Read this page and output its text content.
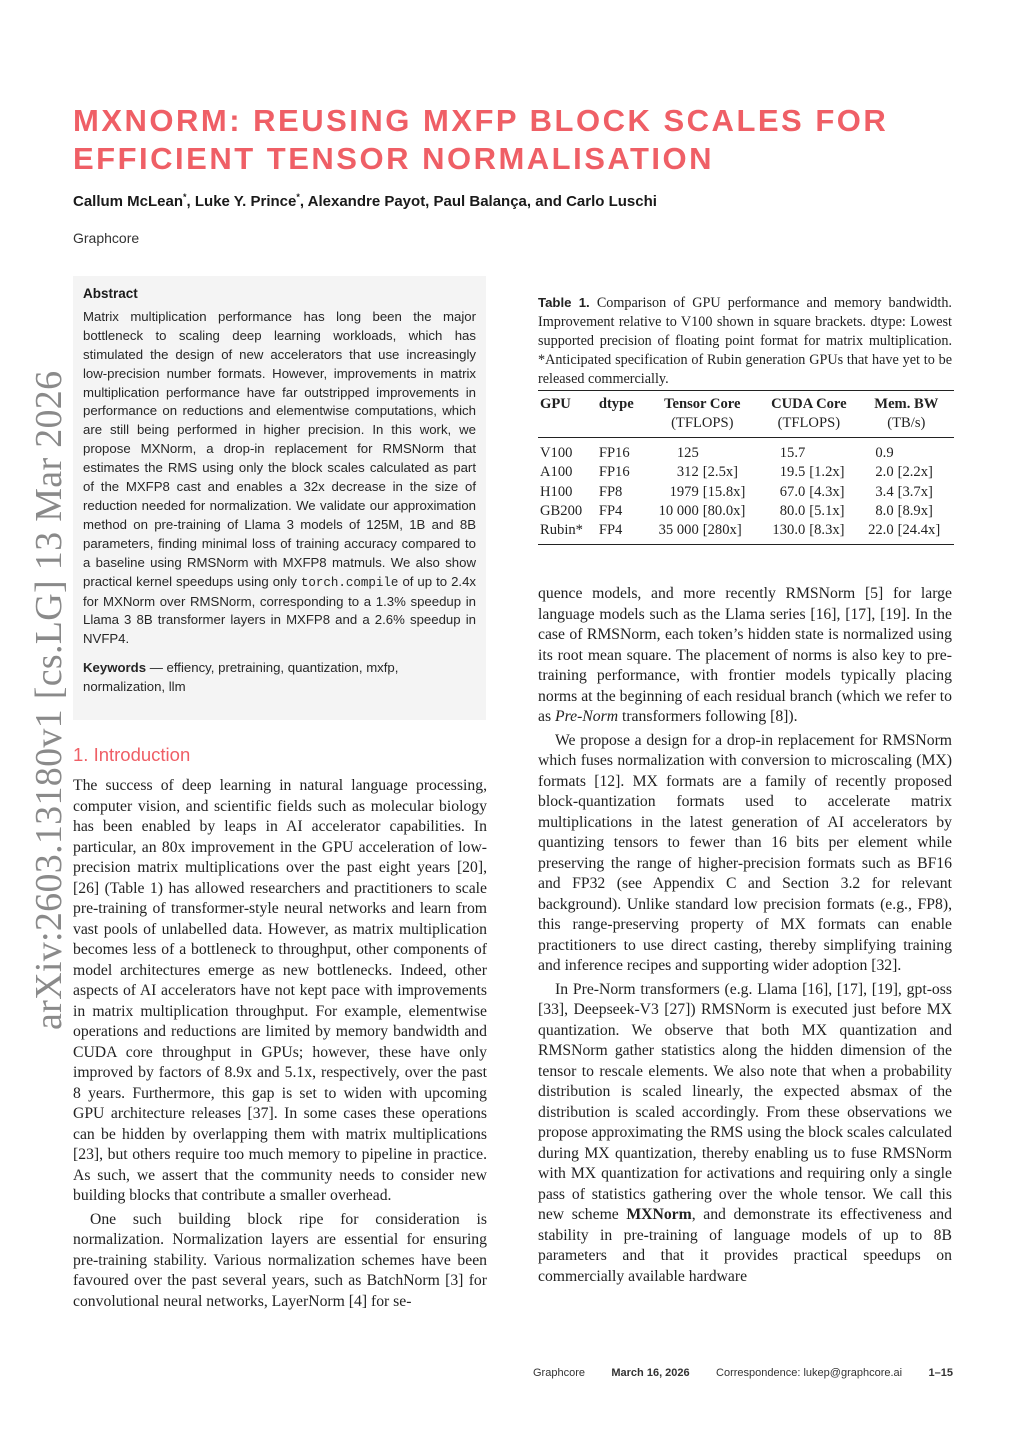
arXiv:2603.13180v1 [cs.LG] 13 Mar 2026
MXNORM: REUSING MXFP BLOCK SCALES FOR
EFFICIENT TENSOR NORMALISATION
Callum McLean*, Luke Y. Prince*, Alexandre Payot, Paul Balança, and Carlo Luschi
Graphcore
Abstract

Matrix multiplication performance has long been the major bottleneck to scaling deep learning workloads, which has stimulated the design of new accelerators that use increasingly low-precision number formats. However, improvements in matrix multiplication performance have far outstripped improvements in performance on reductions and elementwise computations, which are still being performed in higher precision. In this work, we propose MXNorm, a drop-in replacement for RMSNorm that estimates the RMS using only the block scales calculated as part of the MXFP8 cast and enables a 32x decrease in the size of reduction needed for normalization. We validate our approximation method on pre-training of Llama 3 models of 125M, 1B and 8B parameters, finding minimal loss of training accuracy compared to a baseline using RMSNorm with MXFP8 matmuls. We also show practical kernel speedups using only torch.compile of up to 2.4x for MXNorm over RMSNorm, corresponding to a 1.3% speedup in Llama 3 8B transformer layers in MXFP8 and a 2.6% speedup in NVFP4.

Keywords — effiency, pretraining, quantization, mxfp, normalization, llm
1. Introduction

The success of deep learning in natural language processing, computer vision, and scientific fields such as molecular biology has been enabled by leaps in AI accelerator capabilities. In particular, an 80x improvement in the GPU acceleration of low-precision matrix multiplications over the past eight years [20], [26] (Table 1) has allowed researchers and practitioners to scale pre-training of transformer-style neural networks and learn from vast pools of unlabelled data. However, as matrix multiplication becomes less of a bottleneck to throughput, other components of model architectures emerge as new bottlenecks. Indeed, other aspects of AI accelerators have not kept pace with improvements in matrix multiplication throughput. For example, elementwise operations and reductions are limited by memory bandwidth and CUDA core throughput in GPUs; however, these have only improved by factors of 8.9x and 5.1x, respectively, over the past 8 years. Furthermore, this gap is set to widen with upcoming GPU architecture releases [37]. In some cases these operations can be hidden by overlapping them with matrix multiplications [23], but others require too much memory to pipeline in practice. As such, we assert that the community needs to consider new building blocks that contribute a smaller overhead.

One such building block ripe for consideration is normalization. Normalization layers are essential for ensuring pre-training stability. Various normalization schemes have been favoured over the past several years, such as BatchNorm [3] for convolutional neural networks, LayerNorm [4] for se-

Table 1. Comparison of GPU performance and memory bandwidth. Improvement relative to V100 shown in square brackets. dtype: Lowest supported precision of floating point format for matrix multiplication. *Anticipated specification of Rubin generation GPUs that have yet to be released commercially.
GPU	dtype	Tensor Core		CUDA Core		Mem. BW	
		(TFLOPS)		(TFLOPS)		(TB/s)	
V100	FP16	125		15.7		0.9	
A100	FP16	312	[2.5x]	19.5	[1.2x]	2.0	[2.2x]
H100	FP8	1979	[15.8x]	67.0	[4.3x]	3.4	[3.7x]
GB200	FP4	10 000	[80.0x]	80.0	[5.1x]	8.0	[8.9x]
Rubin*	FP4	35 000	[280x]	130.0	[8.3x]	22.0	[24.4x]

quence models, and more recently RMSNorm [5] for large language models such as the Llama series [16], [17], [19]. In the case of RMSNorm, each token’s hidden state is normalized using its root mean square. The placement of norms is also key to pre-training performance, with frontier models typically placing norms at the beginning of each residual branch (which we refer to as Pre-Norm transformers following [8]).

We propose a design for a drop-in replacement for RMSNorm which fuses normalization with conversion to microscaling (MX) formats [12]. MX formats are a family of recently proposed block-quantization formats used to accelerate matrix multiplications in the latest generation of AI accelerators by quantizing tensors to fewer than 16 bits per element while preserving the range of higher-precision formats such as BF16 and FP32 (see Appendix C and Section 3.2 for relevant background). Unlike standard low precision formats (e.g., FP8), this range-preserving property of MX formats can enable practitioners to use direct casting, thereby simplifying training and inference recipes and supporting wider adoption [32].

In Pre-Norm transformers (e.g. Llama [16], [17], [19], gpt-oss [33], Deepseek-V3 [27]) RMSNorm is executed just before MX quantization. We observe that both MX quantization and RMSNorm gather statistics along the hidden dimension of the tensor to rescale elements. We also note that when a probability distribution is scaled linearly, the expected absmax of the distribution is scaled accordingly. From these observations we propose approximating the RMS using the block scales calculated during MX quantization, thereby enabling us to fuse RMSNorm with MX quantization for activations and requiring only a single pass of statistics gathering over the whole tensor. We call this new scheme MXNorm, and demonstrate its effectiveness and stability in pre-training of language models of up to 8B parameters and that it provides practical speedups on commercially available hardware

Graphcore March 16, 2026 Correspondence: lukep@graphcore.ai 1–15
